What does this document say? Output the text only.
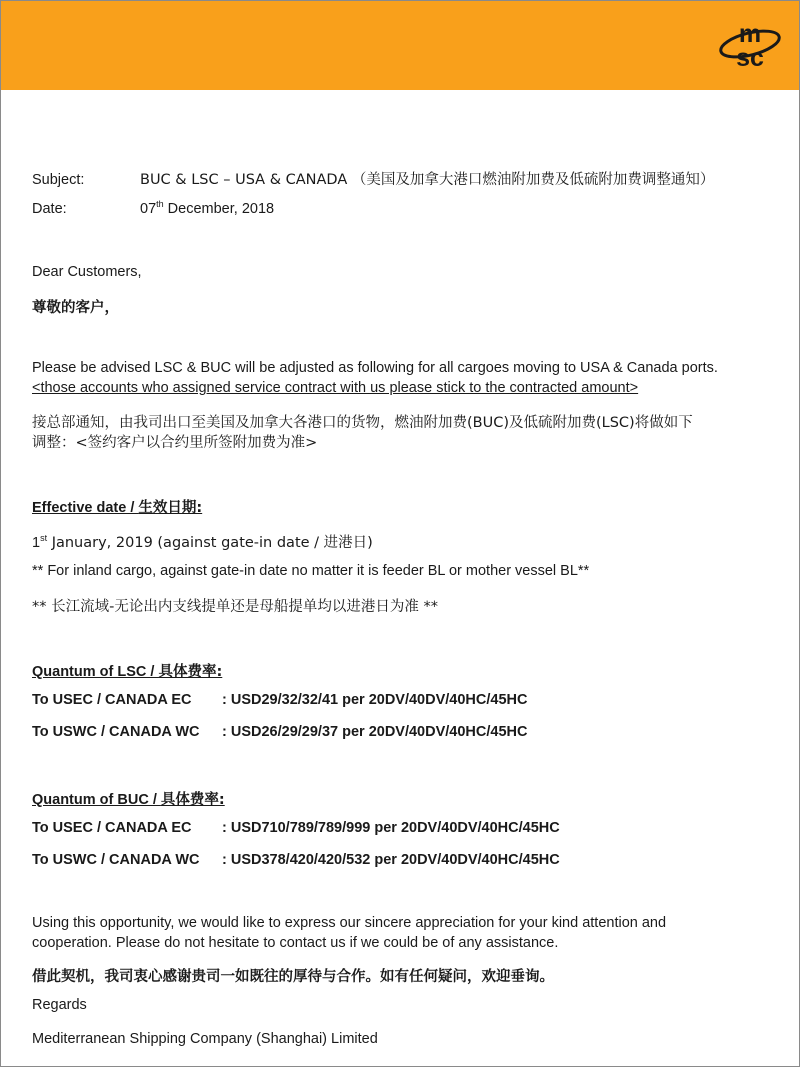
m
sc
Subject:	BUC & LSC – USA & CANADA （美国及加拿大港口燃油附加费及低硫附加费调整通知）
Date:	07th December, 2018
Dear Customers,
尊敬的客户，
Please be advised LSC & BUC will be adjusted as following for all cargoes moving to USA & Canada ports.
<those accounts who assigned service contract with us please stick to the contracted amount>
接总部通知，由我司出口至美国及加拿大各港口的货物，燃油附加费(BUC)及低硫附加费(LSC)将做如下
调整：<签约客户以合约里所签附加费为准>
Effective date / 生效日期:
1st January, 2019 (against gate-in date / 进港日)
** For inland cargo, against gate-in date no matter it is feeder BL or mother vessel BL**
** 长江流域-无论出内支线提单还是母船提单均以进港日为准 **
Quantum of LSC / 具体费率:
To USEC / CANADA EC : USD29/32/32/41 per 20DV/40DV/40HC/45HC
To USWC / CANADA WC : USD26/29/29/37 per 20DV/40DV/40HC/45HC
Quantum of BUC / 具体费率:
To USEC / CANADA EC : USD710/789/789/999 per 20DV/40DV/40HC/45HC
To USWC / CANADA WC : USD378/420/420/532 per 20DV/40DV/40HC/45HC
Using this opportunity, we would like to express our sincere appreciation for your kind attention and
cooperation. Please do not hesitate to contact us if we could be of any assistance.
借此契机，我司衷心感谢贵司一如既往的厚待与合作。如有任何疑问，欢迎垂询。
Regards
Mediterranean Shipping Company (Shanghai) Limited
